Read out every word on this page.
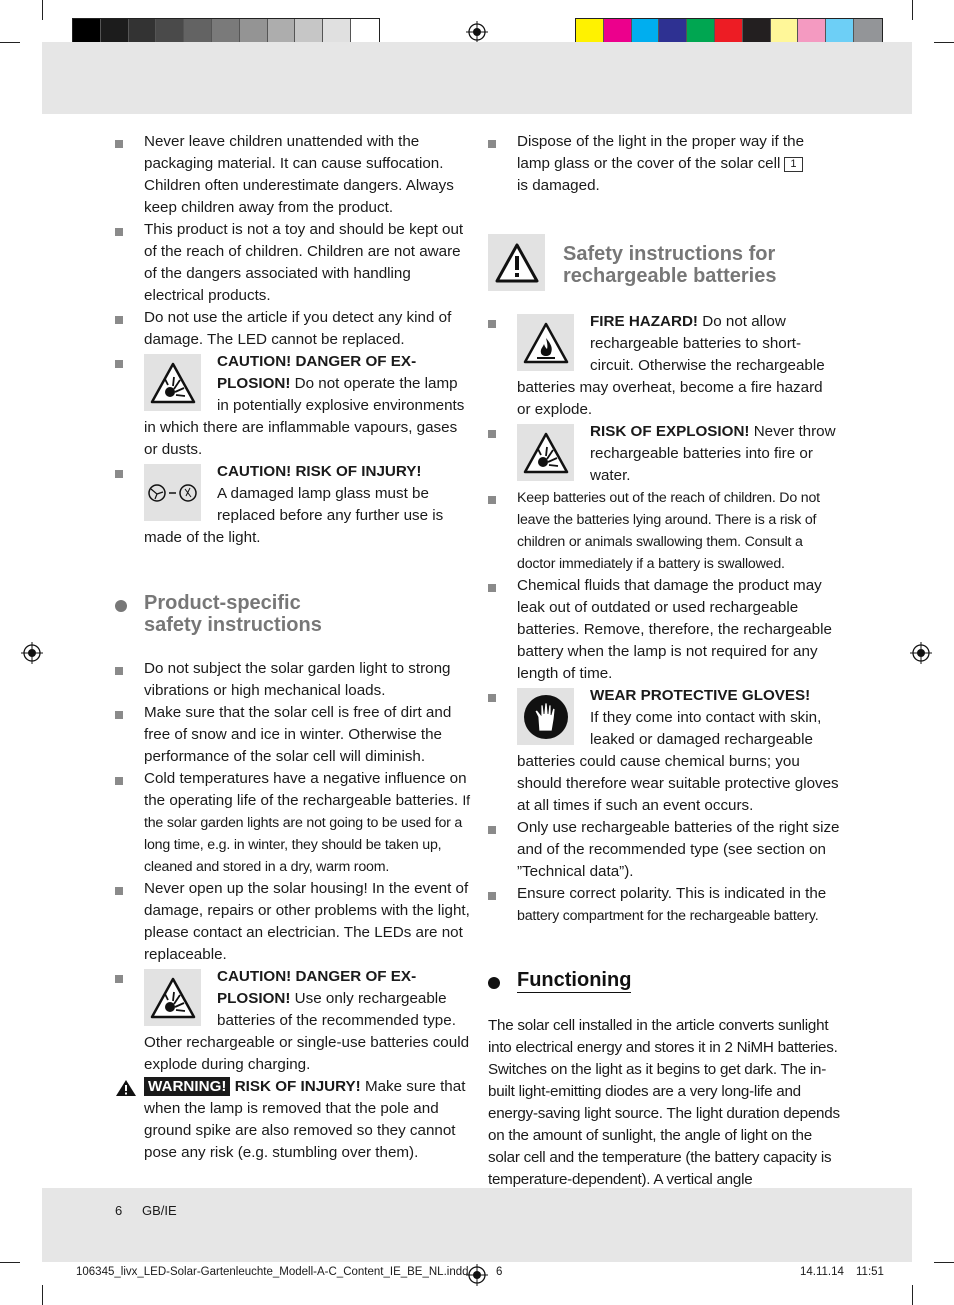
Never leave children unattended with the packaging material. It can cause suffocation. Children often underestimate dangers. Always keep children away from the product.
This product is not a toy and should be kept out of the reach of children. Children are not aware of the dangers associated with handling electrical products.
Do not use the article if you detect any kind of damage. The LED cannot be replaced.
CAUTION! DANGER OF EX-PLOSION! Do not operate the lamp in potentially explosive environments in which there are inflammable vapours, gases or dusts.
CAUTION! RISK OF INJURY!
A damaged lamp glass must be replaced before any further use is made of the light.
Product-specific safety instructions
Do not subject the solar garden light to strong vibrations or high mechanical loads.
Make sure that the solar cell is free of dirt and free of snow and ice in winter. Otherwise the performance of the solar cell will diminish.
Cold temperatures have a negative influence on the operating life of the rechargeable batteries. If the solar garden lights are not going to be used for a long time, e.g. in winter, they should be taken up, cleaned and stored in a dry, warm room.
Never open up the solar housing! In the event of damage, repairs or other problems with the light, please contact an electrician. The LEDs are not replaceable.
CAUTION! DANGER OF EX-PLOSION! Use only rechargeable batteries of the recommended type. Other rechargeable or single-use batteries could explode during charging.
WARNING! RISK OF INJURY! Make sure that when the lamp is removed that the pole and ground spike are also removed so they cannot pose any risk (e.g. stumbling over them).
Dispose of the light in the proper way if the lamp glass or the cover of the solar cell 1
is damaged.
Safety instructions for rechargeable batteries
FIRE HAZARD! Do not allow rechargeable batteries to short-circuit. Otherwise the rechargeable batteries may overheat, become a fire hazard or explode.
RISK OF EXPLOSION! Never throw rechargeable batteries into fire or water.
Keep batteries out of the reach of children. Do not leave the batteries lying around. There is a risk of children or animals swallowing them. Consult a doctor immediately if a battery is swallowed.
Chemical fluids that damage the product may leak out of outdated or used rechargeable batteries. Remove, therefore, the rechargeable battery when the lamp is not required for any length of time.
WEAR PROTECTIVE GLOVES!
If they come into contact with skin, leaked or damaged rechargeable batteries could cause chemical burns; you should therefore wear suitable protective gloves at all times if such an event occurs.
Only use rechargeable batteries of the right size and of the recommended type (see section on ”Technical data”).
Ensure correct polarity. This is indicated in the battery compartment for the rechargeable battery.
Functioning
The solar cell installed in the article converts sunlight into electrical energy and stores it in 2 NiMH batteries. Switches on the light as it begins to get dark. The in-built light-emitting diodes are a very long-life and energy-saving light source. The light duration depends on the amount of sunlight, the angle of light on the solar cell and the temperature (the battery capacity is temperature-dependent). A vertical angle
6 GB/IE
106345_livx_LED-Solar-Gartenleuchte_Modell-A-C_Content_IE_BE_NL.indd 6	14.11.14 11:51
